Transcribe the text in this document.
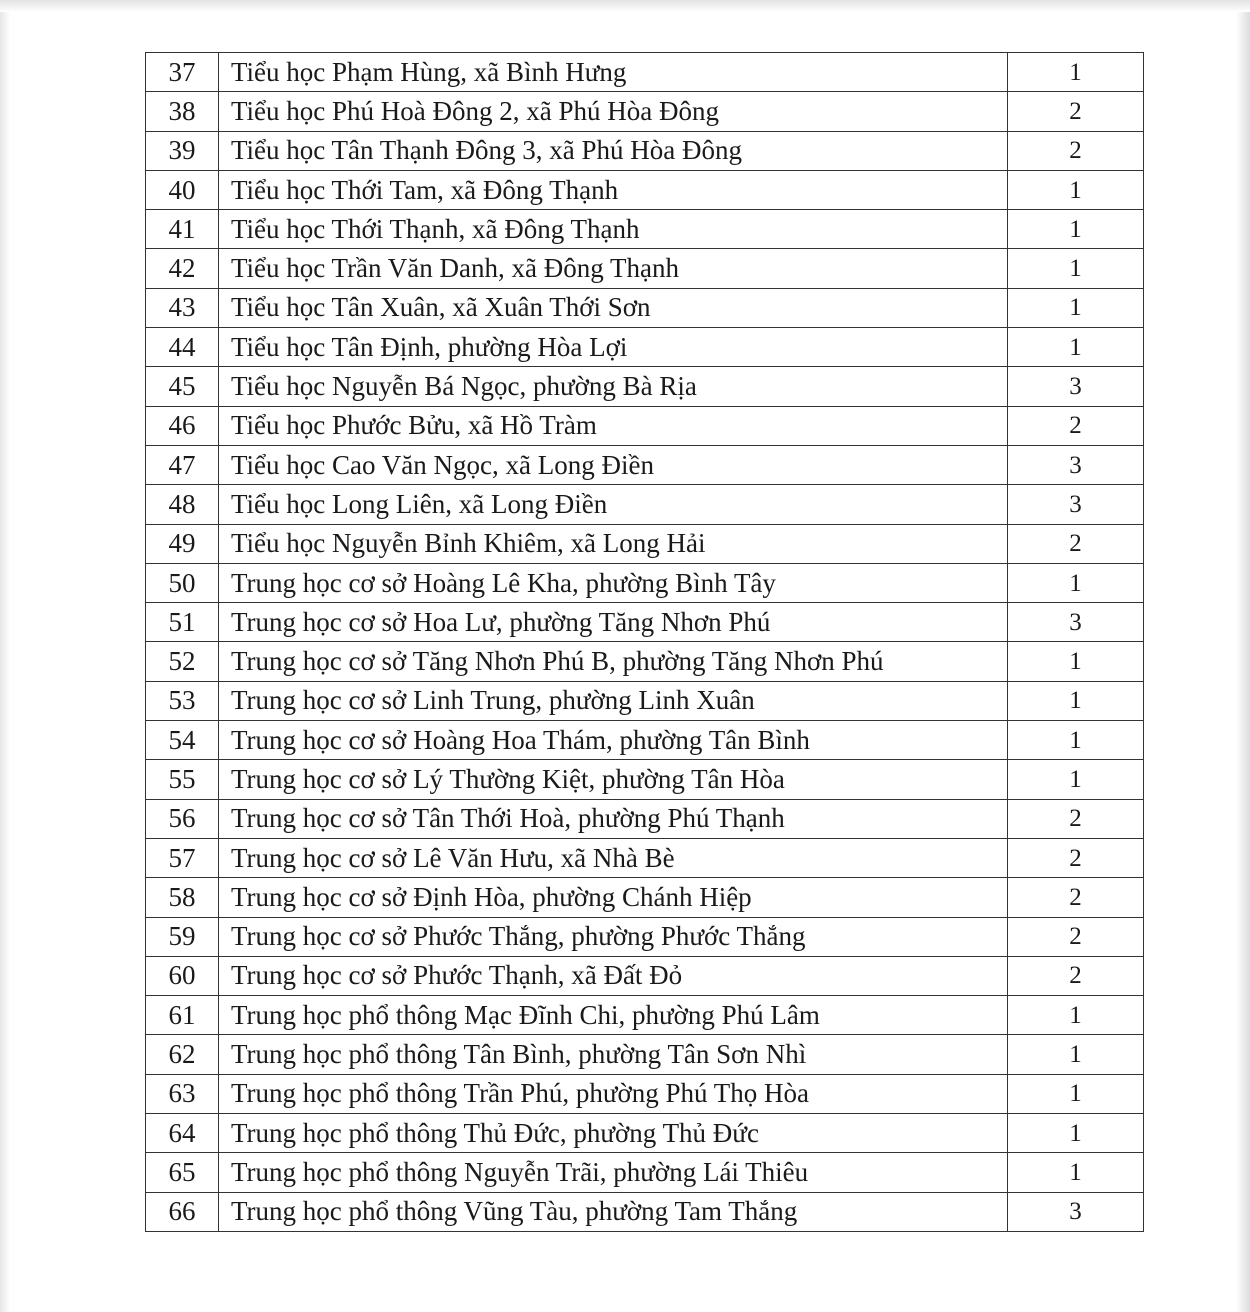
37	Tiểu học Phạm Hùng, xã Bình Hưng	1
38	Tiểu học Phú Hoà Đông 2, xã Phú Hòa Đông	2
39	Tiểu học Tân Thạnh Đông 3, xã Phú Hòa Đông	2
40	Tiểu học Thới Tam, xã Đông Thạnh	1
41	Tiểu học Thới Thạnh, xã Đông Thạnh	1
42	Tiểu học Trần Văn Danh, xã Đông Thạnh	1
43	Tiểu học Tân Xuân, xã Xuân Thới Sơn	1
44	Tiểu học Tân Định, phường Hòa Lợi	1
45	Tiểu học Nguyễn Bá Ngọc, phường Bà Rịa	3
46	Tiểu học Phước Bửu, xã Hồ Tràm	2
47	Tiểu học Cao Văn Ngọc, xã Long Điền	3
48	Tiểu học Long Liên, xã Long Điền	3
49	Tiểu học Nguyễn Bỉnh Khiêm, xã Long Hải	2
50	Trung học cơ sở Hoàng Lê Kha, phường Bình Tây	1
51	Trung học cơ sở Hoa Lư, phường Tăng Nhơn Phú	3
52	Trung học cơ sở Tăng Nhơn Phú B, phường Tăng Nhơn Phú	1
53	Trung học cơ sở Linh Trung, phường Linh Xuân	1
54	Trung học cơ sở Hoàng Hoa Thám, phường Tân Bình	1
55	Trung học cơ sở Lý Thường Kiệt, phường Tân Hòa	1
56	Trung học cơ sở Tân Thới Hoà, phường Phú Thạnh	2
57	Trung học cơ sở Lê Văn Hưu, xã Nhà Bè	2
58	Trung học cơ sở Định Hòa, phường Chánh Hiệp	2
59	Trung học cơ sở Phước Thắng, phường Phước Thắng	2
60	Trung học cơ sở Phước Thạnh, xã Đất Đỏ	2
61	Trung học phổ thông Mạc Đĩnh Chi, phường Phú Lâm	1
62	Trung học phổ thông Tân Bình, phường Tân Sơn Nhì	1
63	Trung học phổ thông Trần Phú, phường Phú Thọ Hòa	1
64	Trung học phổ thông Thủ Đức, phường Thủ Đức	1
65	Trung học phổ thông Nguyễn Trãi, phường Lái Thiêu	1
66	Trung học phổ thông Vũng Tàu, phường Tam Thắng	3
